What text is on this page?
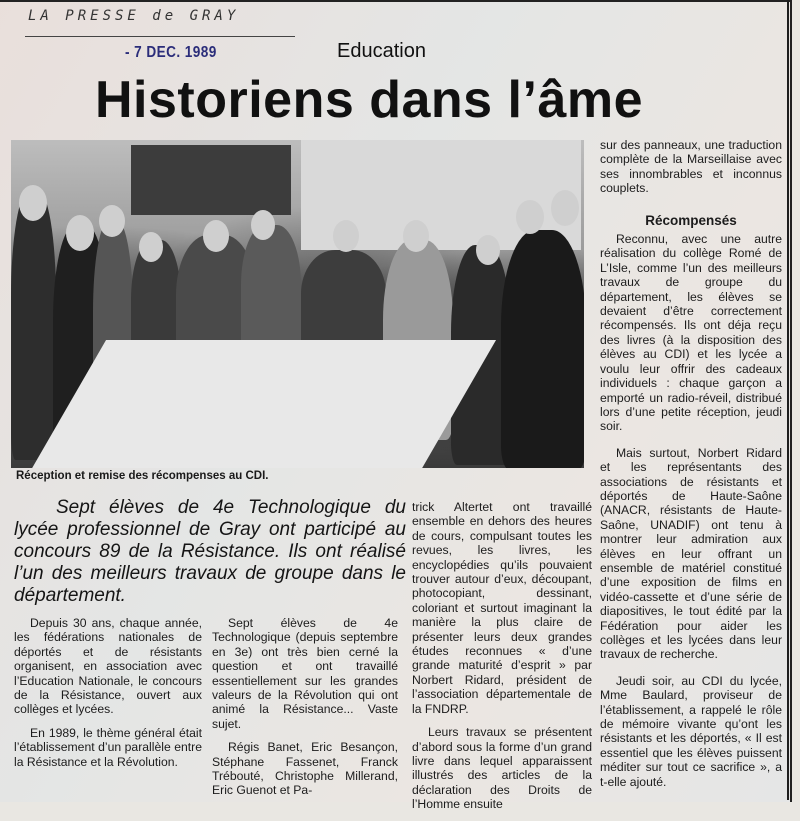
LA PRESSE de GRAY
- 7 DEC. 1989	Education
Historiens dans l’âme
Réception et remise des récompenses au CDI.
Sept élèves de 4e Technologique du lycée professionnel de Gray ont participé au concours 89 de la Résistance. Ils ont réalisé l’un des meilleurs travaux de groupe dans le département.

Depuis 30 ans, chaque année, les fédérations nationales de déportés et de résistants organisent, en association avec l’Education Nationale, le concours de la Résistance, ouvert aux collèges et lycées.

En 1989, le thème général était l’établissement d’un parallèle entre la Résistance et la Révolution.

Sept élèves de 4e Technologique (depuis septembre en 3e) ont très bien cerné la question et ont travaillé essentiellement sur les grandes valeurs de la Révolution qui ont animé la Résistance... Vaste sujet.

Régis Banet, Eric Besançon, Stéphane Fassenet, Franck Trébouté, Christophe Millerand, Eric Guenot et Pa-

trick Altertet ont travaillé ensemble en dehors des heures de cours, compulsant toutes les revues, les livres, les encyclopédies qu’ils pouvaient trouver autour d’eux, découpant, photocopiant, dessinant, coloriant et surtout imaginant la manière la plus claire de présenter leurs deux grandes études reconnues « d’une grande maturité d’esprit » par Norbert Ridard, président de l’association départementale de la FNDRP.

Leurs travaux se présentent d’abord sous la forme d’un grand livre dans lequel apparaissent illustrés des articles de la déclaration des Droits de l’Homme ensuite

sur des panneaux, une traduction complète de la Marseillaise avec ses innombrables et inconnus couplets.

Récompensés

Reconnu, avec une autre réalisation du collège Romé de L’Isle, comme l’un des meilleurs travaux de groupe du département, les élèves se devaient d’être correctement récompensés. Ils ont déja reçu des livres (à la disposition des élèves au CDI) et les lycée a voulu leur offrir des cadeaux individuels : chaque garçon a emporté un radio-réveil, distribué lors d’une petite réception, jeudi soir.

Mais surtout, Norbert Ridard et les représentants des associations de résistants et déportés de Haute-Saône (ANACR, résistants de Haute-Saône, UNADIF) ont tenu à montrer leur admiration aux élèves en leur offrant un ensemble de matériel constitué d’une exposition de films en vidéo-cassette et d’une série de diapositives, le tout édité par la Fédération pour aider les collèges et les lycées dans leur travaux de recherche.

Jeudi soir, au CDI du lycée, Mme Baulard, proviseur de l’établissement, a rappelé le rôle de mémoire vivante qu’ont les résistants et les déportés, « Il est essentiel que les élèves puissent méditer sur tout ce sacrifice », a t-elle ajouté.
